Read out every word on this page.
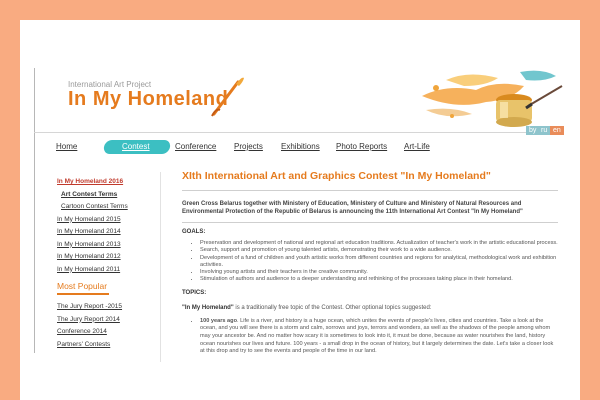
International Art Project
In My Homeland
by ru en
Home	Contest	Conference Projects Exhibitions Photo Reports Art-Life
In My Homeland 2016
Art Contest Terms
Cartoon Contest Terms
In My Homeland 2015
In My Homeland 2014
In My Homeland 2013
In My Homeland 2012
In My Homeland 2011
Most Popular
The Jury Report -2015
The Jury Report 2014
Conference 2014
Partners' Contests
XIth International Art and Graphics Contest "In My Homeland"

Green Cross Belarus together with Ministery of Education, Ministery of Culture and Ministery of Natural Resources and Environmental Protection of the Republic of Belarus is announcing the 11th International Art Contest "In My Homeland"

GOALS:
• Preservation and development of national and regional art education traditions. Actualization of teacher's work in the artistic educational process.
• Search, support and promotion of young talented artists, demonstrating their work to a wide audience.
• Development of a fund of children and youth artistic works from different countries and regions for analytical, methodological work and exhibition activities.
• Involving young artists and their teachers in the creative community.
• Stimulation of authors and audience to a deeper understanding and rethinking of the processes taking place in their homeland.
TOPICS:

"In My Homeland" is a traditionally free topic of the Contest. Other optional topics suggested:

• 100 years ago. Life is a river, and history is a huge ocean, which unites the events of people's lives, cities and countries. Take a look at the ocean, and you will see there is a storm and calm, sorrows and joys, terrors and wonders, as well as the shadows of the people among whom may your ancestor be. And no matter how scary it is sometimes to look into it, it must be done, because as water nourishes the land, history ocean nourishes our lives and future. 100 years - a small drop in the ocean of history, but it largely determines the date. Let's take a closer look at this drop and try to see the events and people of the time in our land.
